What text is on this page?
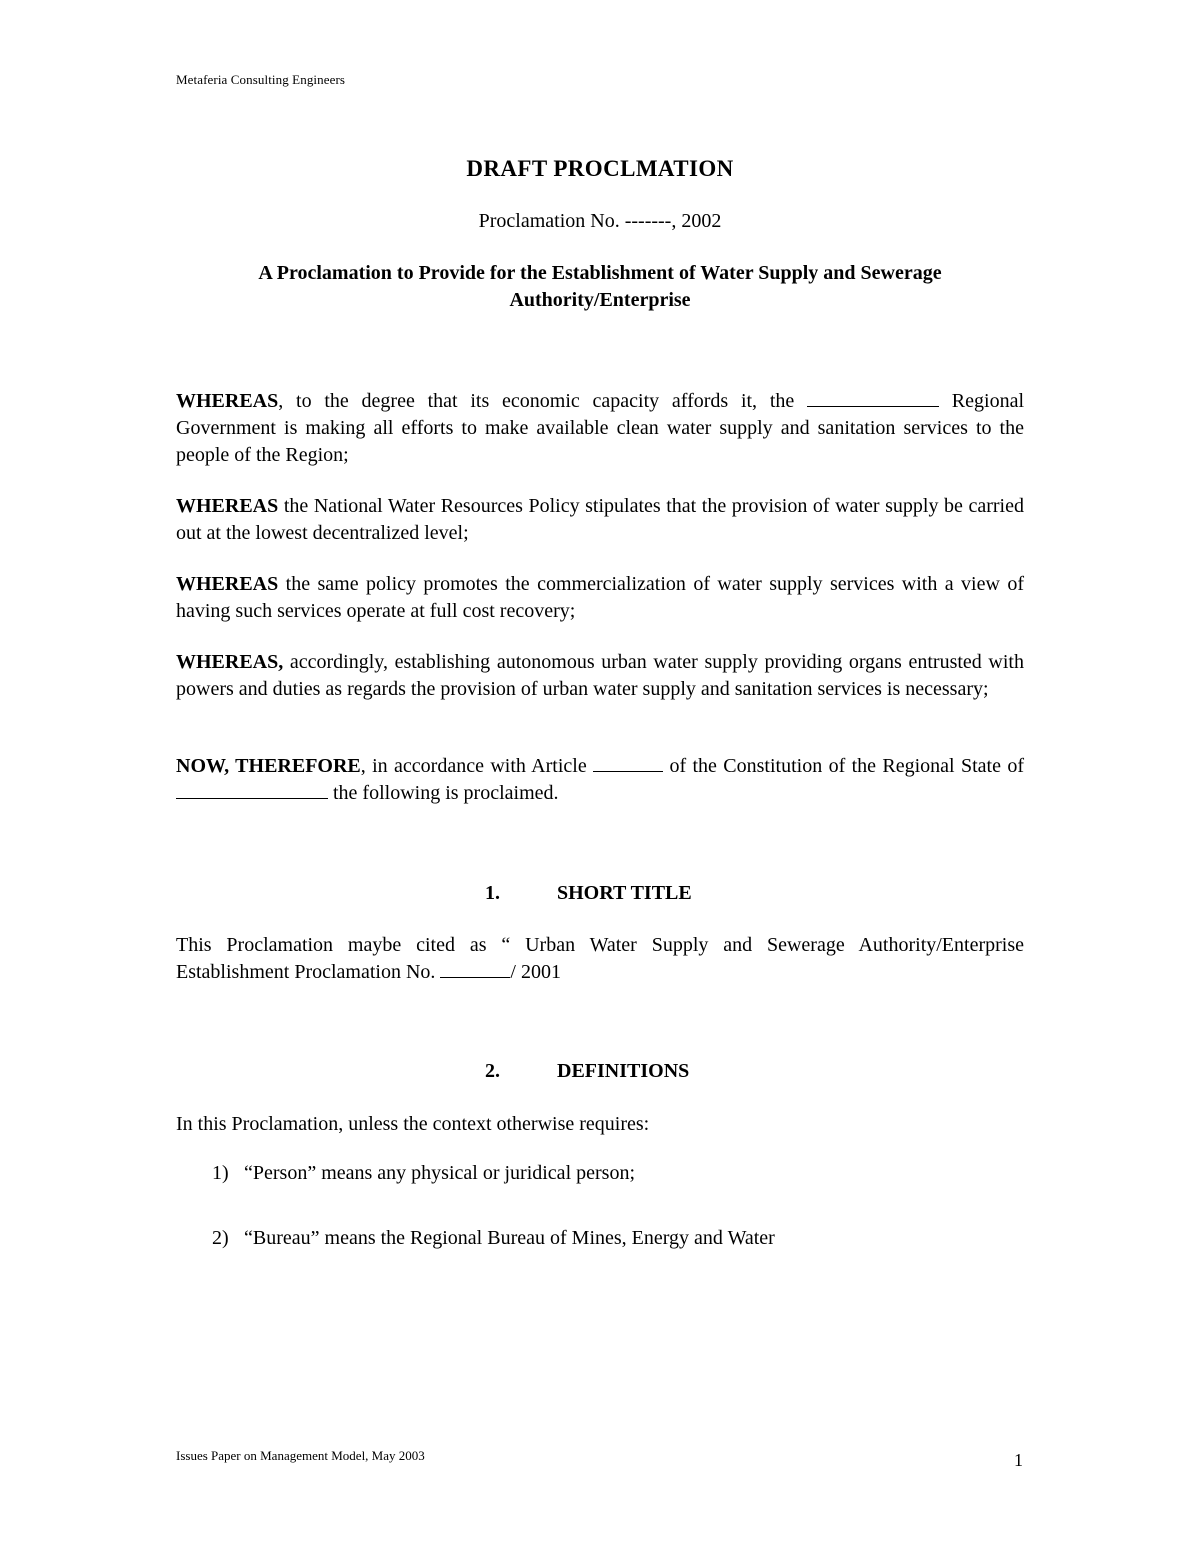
Metaferia Consulting Engineers
DRAFT PROCLMATION
Proclamation No. -------, 2002
A Proclamation to Provide for the Establishment of Water Supply and Sewerage
Authority/Enterprise
WHEREAS, to the degree that its economic capacity affords it, the	Regional Government is making all efforts to make available clean water supply and sanitation services to the people of the Region;
WHEREAS the National Water Resources Policy stipulates that the provision of water supply be carried out at the lowest decentralized level;
WHEREAS the same policy promotes the commercialization of water supply services with a view of having such services operate at full cost recovery;
WHEREAS, accordingly, establishing autonomous urban water supply providing organs entrusted with powers and duties as regards the provision of urban water supply and sanitation services is necessary;
NOW, THEREFORE, in accordance with Article	of the Constitution of the Regional State of  the following is proclaimed.
1.	SHORT TITLE
This Proclamation maybe cited as “ Urban Water Supply and Sewerage Authority/Enterprise Establishment Proclamation No.	/ 2001
2.	DEFINITIONS
In this Proclamation, unless the context otherwise requires:
1) “Person” means any physical or juridical person;
2) “Bureau” means the Regional Bureau of Mines, Energy and Water
Issues Paper on Management Model, May 2003	1
